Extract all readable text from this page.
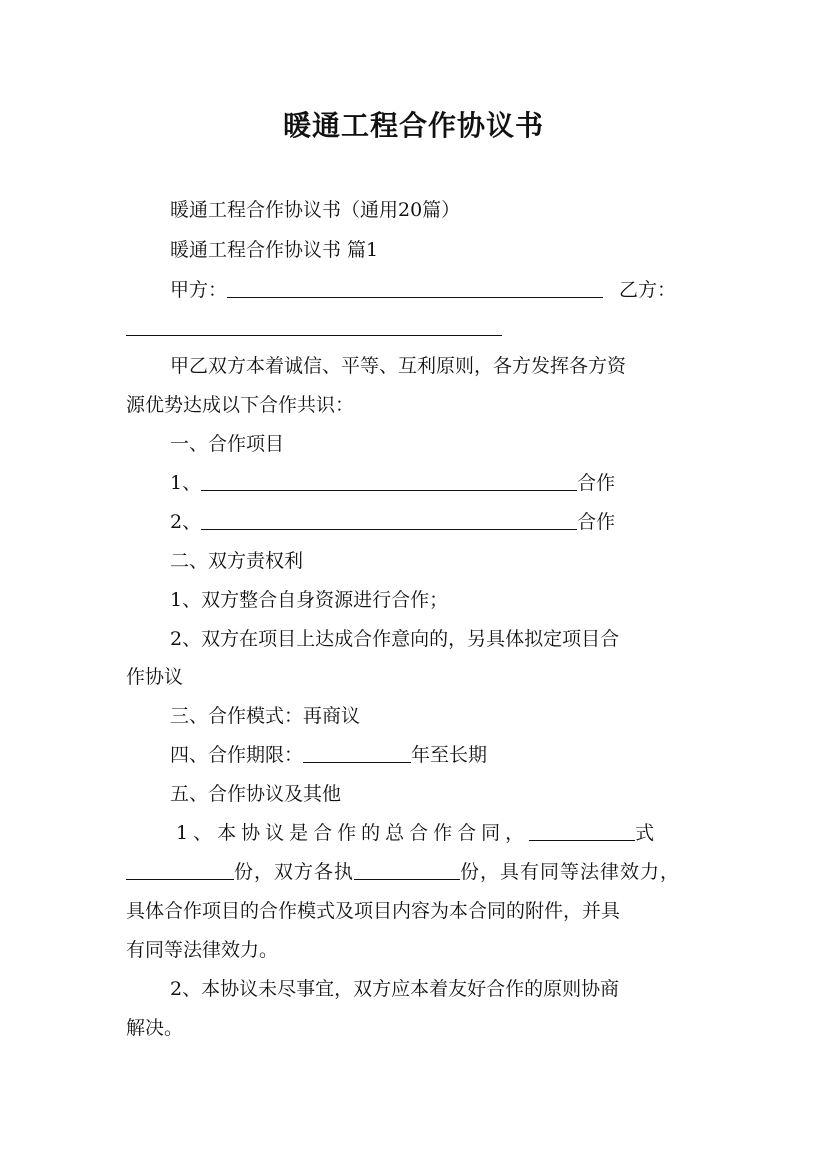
暖通工程合作协议书
暖通工程合作协议书（通用20篇）
暖通工程合作协议书 篇1
甲方：	乙方：
甲乙双方本着诚信、平等、互利原则，各方发挥各方资
源优势达成以下合作共识：
一、合作项目
1、	合作
2、	合作
二、双方责权利
1、双方整合自身资源进行合作；
2、双方在项目上达成合作意向的，另具体拟定项目合
作协议
三、合作模式：再商议
四、合作期限：	年至长期
五、合作协议及其他
1、本协议是合作的总合作合同，	式
份，双方各执	份，具有同等法律效力，
具体合作项目的合作模式及项目内容为本合同的附件，并具
有同等法律效力。
2、本协议未尽事宜，双方应本着友好合作的原则协商
解决。
